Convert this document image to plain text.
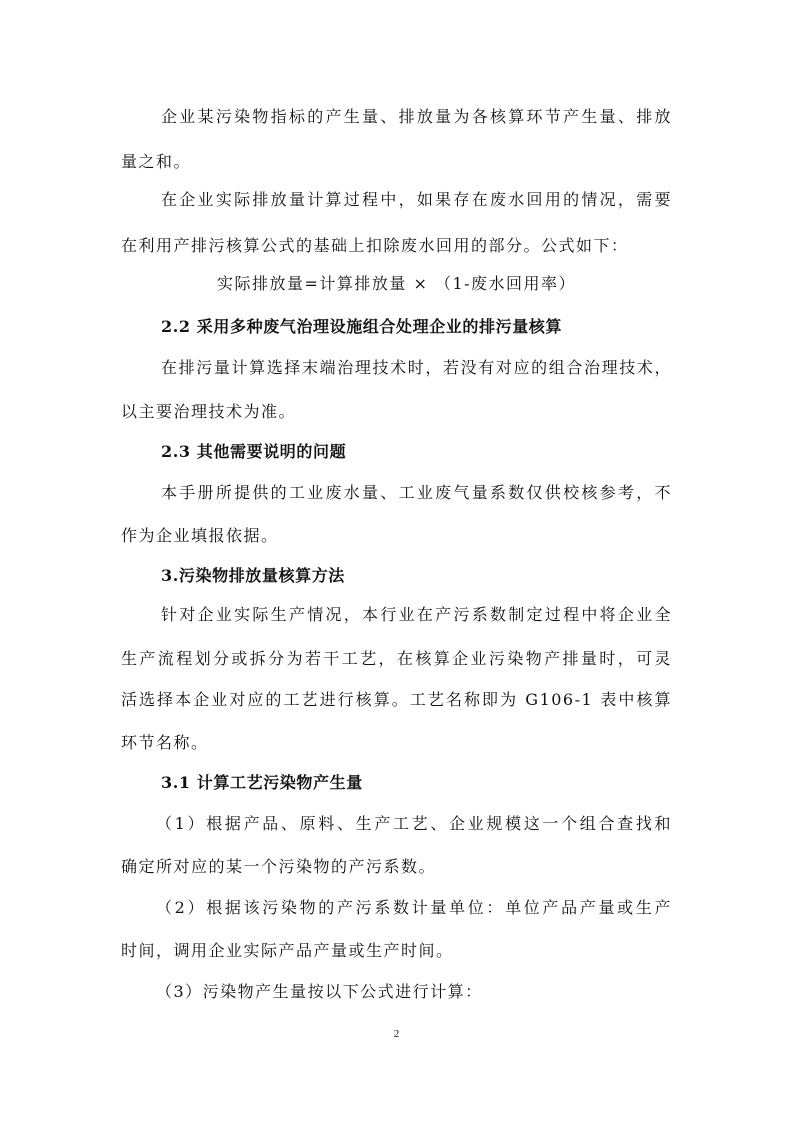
企业某污染物指标的产生量、排放量为各核算环节产生量、排放
量之和。
在企业实际排放量计算过程中，如果存在废水回用的情况，需要
在利用产排污核算公式的基础上扣除废水回用的部分。公式如下：
实际排放量=计算排放量 × （1-废水回用率）
2.2 采用多种废气治理设施组合处理企业的排污量核算
在排污量计算选择末端治理技术时，若没有对应的组合治理技术，
以主要治理技术为准。
2.3 其他需要说明的问题
本手册所提供的工业废水量、工业废气量系数仅供校核参考，不
作为企业填报依据。
3.污染物排放量核算方法
针对企业实际生产情况，本行业在产污系数制定过程中将企业全
生产流程划分或拆分为若干工艺，在核算企业污染物产排量时，可灵
活选择本企业对应的工艺进行核算。工艺名称即为 G106-1 表中核算
环节名称。
3.1 计算工艺污染物产生量
（1）根据产品、原料、生产工艺、企业规模这一个组合查找和
确定所对应的某一个污染物的产污系数。
（2）根据该污染物的产污系数计量单位：单位产品产量或生产
时间，调用企业实际产品产量或生产时间。
（3）污染物产生量按以下公式进行计算：
2
